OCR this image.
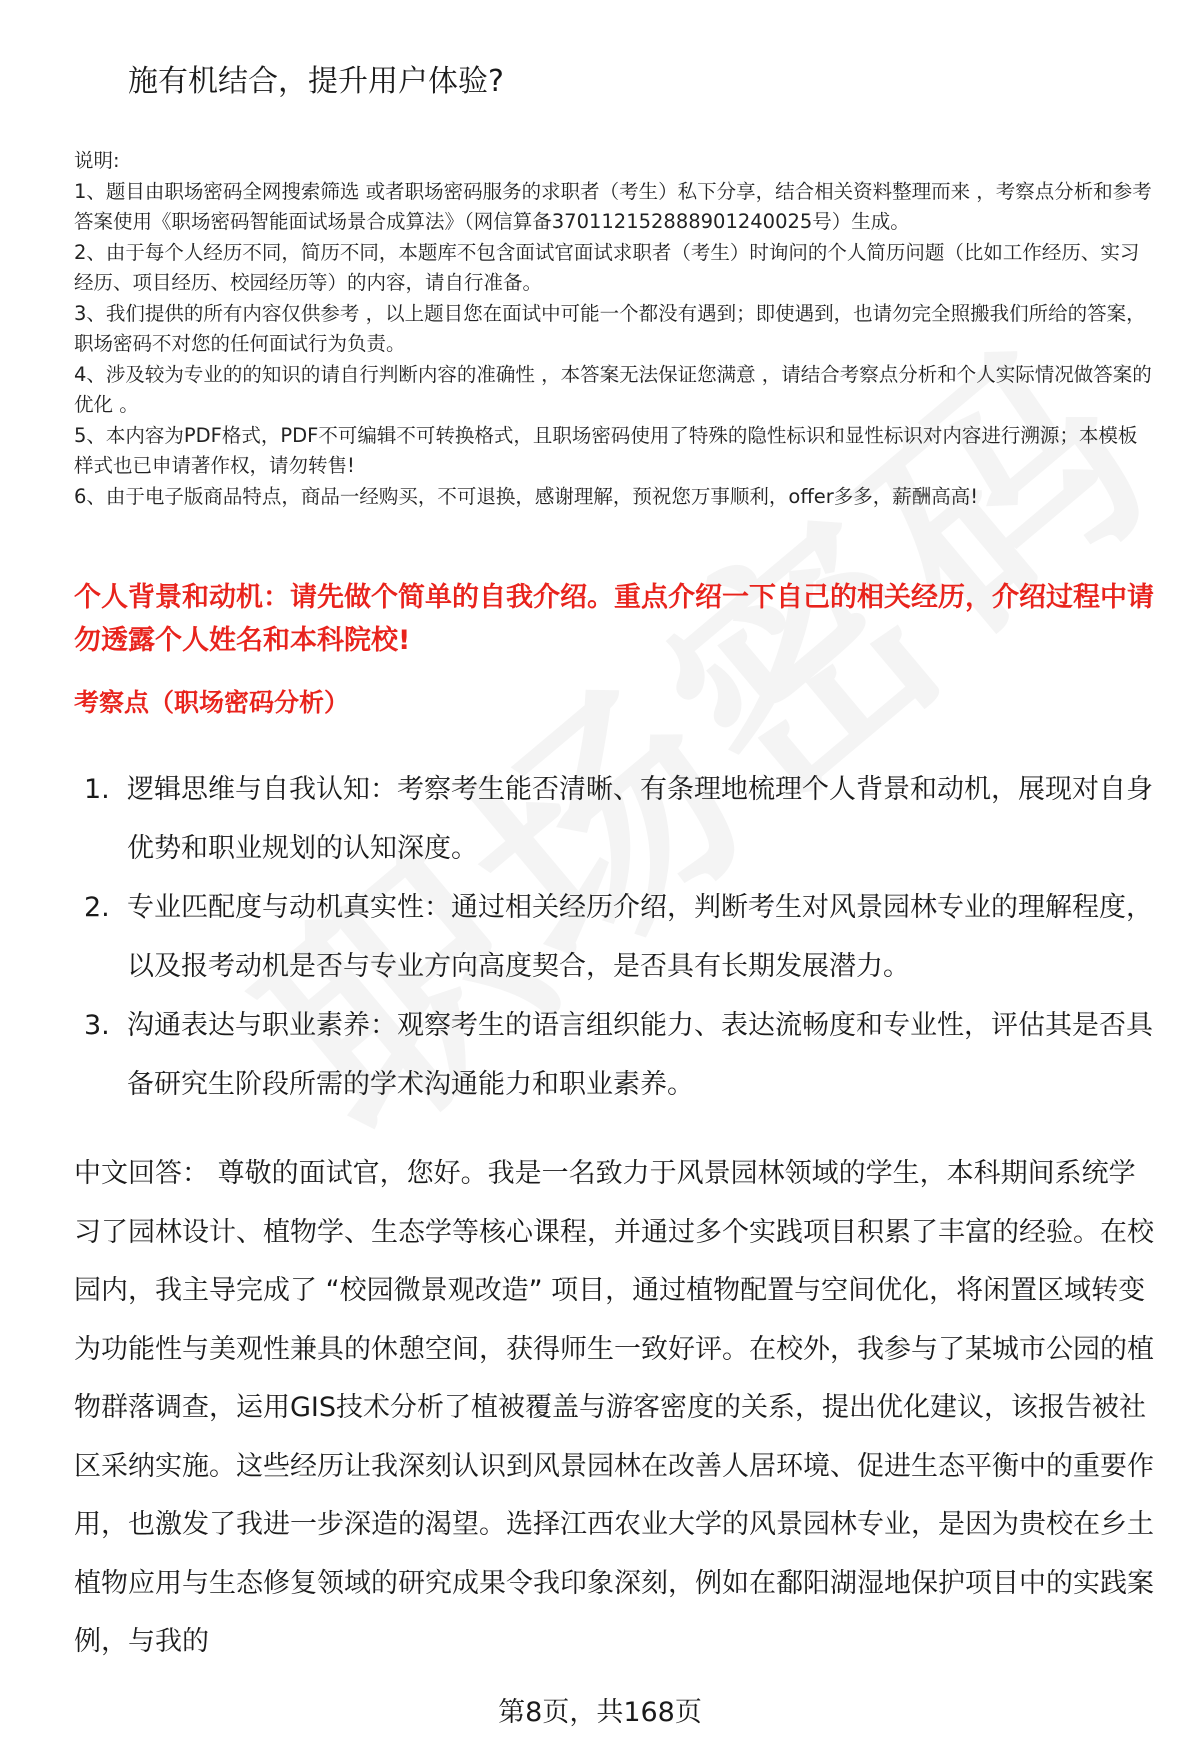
施有机结合，提升用户体验?

说明:

1、题目由职场密码全网搜索筛选 或者职场密码服务的求职者（考生）私下分享，结合相关资料整理而来 ，考察点分析和参考答案使用《职场密码智能面试场景合成算法》（网信算备370112152888901240025号）生成。

2、由于每个人经历不同，简历不同，本题库不包含面试官面试求职者（考生）时询问的个人简历问题（比如工作经历、实习经历、项目经历、校园经历等）的内容，请自行准备。

3、我们提供的所有内容仅供参考 ，以上题目您在面试中可能一个都没有遇到；即使遇到，也请勿完全照搬我们所给的答案，职场密码不对您的任何面试行为负责。

4、涉及较为专业的的知识的请自行判断内容的准确性 ，本答案无法保证您满意 ，请结合考察点分析和个人实际情况做答案的优化 。

5、本内容为PDF格式，PDF不可编辑不可转换格式，且职场密码使用了特殊的隐性标识和显性标识对内容进行溯源；本模板样式也已申请著作权，请勿转售!

6、由于电子版商品特点，商品一经购买，不可退换，感谢理解，预祝您万事顺利，offer多多，薪酬高高!

个人背景和动机：请先做个简单的自我介绍。重点介绍一下自己的相关经历，介绍过程中请勿透露个人姓名和本科院校!

考察点（职场密码分析）

1. 逻辑思维与自我认知：考察考生能否清晰、有条理地梳理个人背景和动机，展现对自身优势和职业规划的认知深度。
2. 专业匹配度与动机真实性：通过相关经历介绍，判断考生对风景园林专业的理解程度，以及报考动机是否与专业方向高度契合，是否具有长期发展潜力。
3. 沟通表达与职业素养：观察考生的语言组织能力、表达流畅度和专业性，评估其是否具备研究生阶段所需的学术沟通能力和职业素养。

中文回答： 尊敬的面试官，您好。我是一名致力于风景园林领域的学生，本科期间系统学习了园林设计、植物学、生态学等核心课程，并通过多个实践项目积累了丰富的经验。在校园内，我主导完成了 “校园微景观改造” 项目，通过植物配置与空间优化，将闲置区域转变为功能性与美观性兼具的休憩空间，获得师生一致好评。在校外，我参与了某城市公园的植物群落调查，运用GIS技术分析了植被覆盖与游客密度的关系，提出优化建议，该报告被社区采纳实施。这些经历让我深刻认识到风景园林在改善人居环境、促进生态平衡中的重要作用，也激发了我进一步深造的渴望。选择江西农业大学的风景园林专业，是因为贵校在乡土植物应用与生态修复领域的研究成果令我印象深刻，例如在鄱阳湖湿地保护项目中的实践案例，与我的

第8页，共168页
